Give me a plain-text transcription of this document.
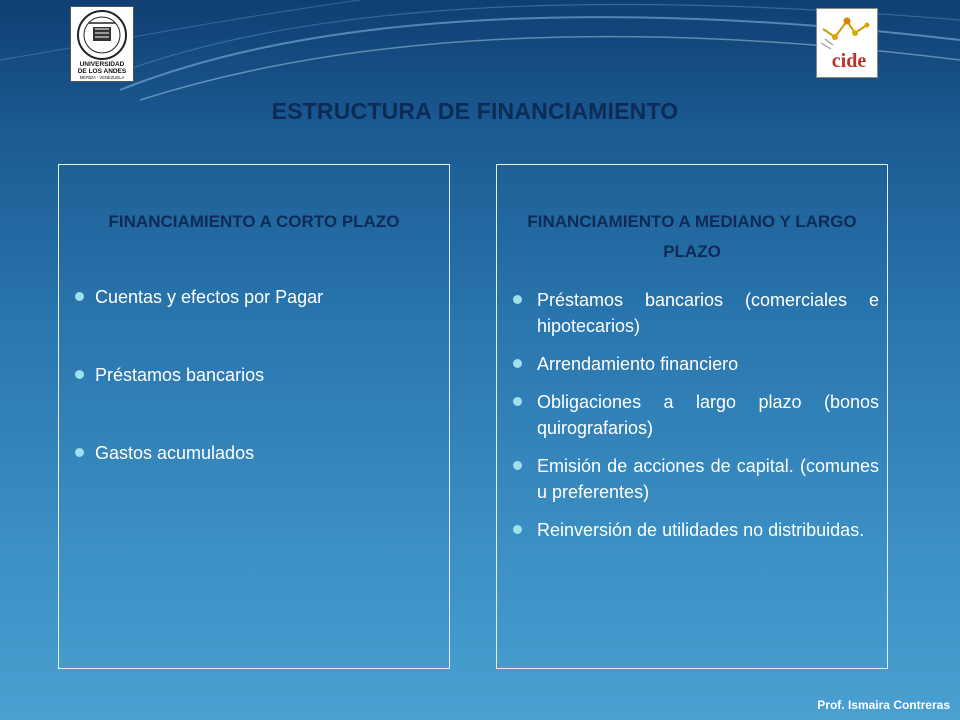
UNIVERSIDAD
DE LOS ANDES
MÉRIDA - VENEZUELA
cide
ESTRUCTURA DE FINANCIAMIENTO
FINANCIAMIENTO A CORTO PLAZO
Cuentas y efectos por Pagar
Préstamos bancarios
Gastos acumulados
FINANCIAMIENTO A MEDIANO Y LARGO PLAZO
Préstamos bancarios (comerciales e hipotecarios)
Arrendamiento financiero
Obligaciones a largo plazo (bonos quirografarios)
Emisión de acciones de capital. (comunes u preferentes)
Reinversión de utilidades no distribuidas.
Prof. Ismaira Contreras
